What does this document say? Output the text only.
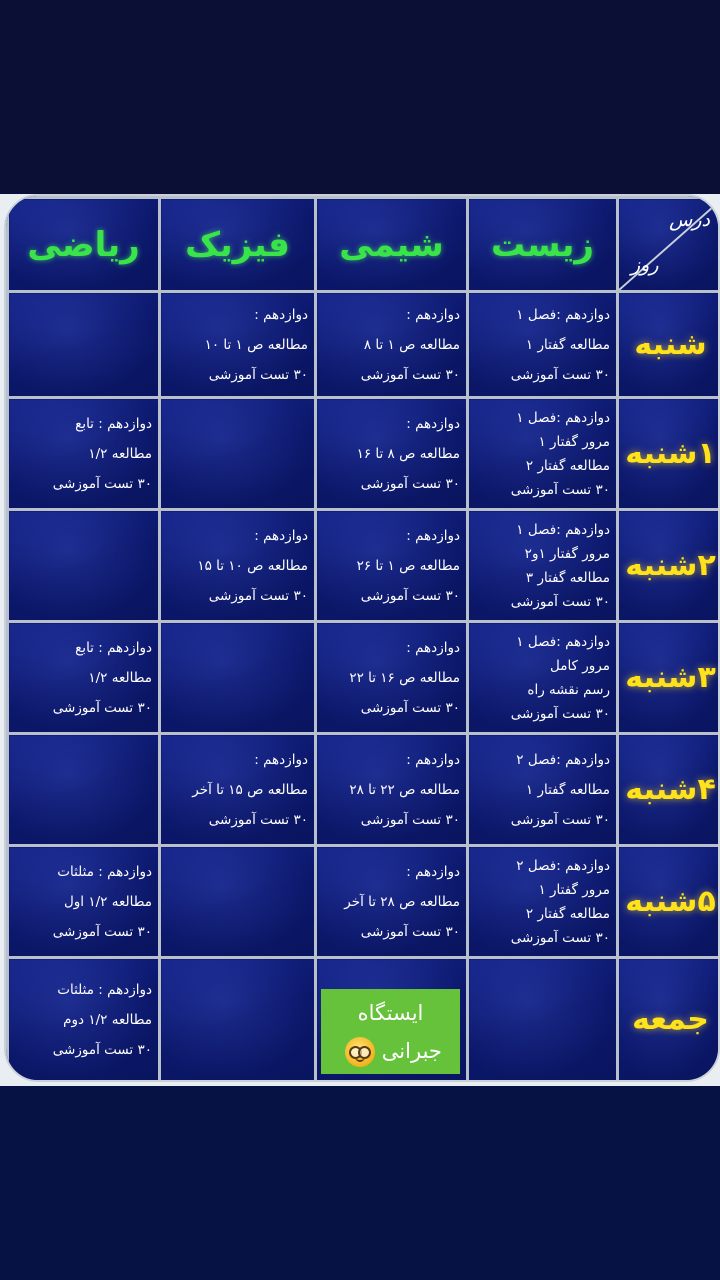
درس
روز	زیست	شیمی	فیزیک	ریاضی
شنبه	دوازدهم :فصل ۱
مطالعه گفتار ۱
۳۰ تست آموزشی	دوازدهم :
مطالعه ص ۱ تا ۸
۳۰ تست آموزشی	دوازدهم :
مطالعه ص ۱ تا ۱۰
۳۰ تست آموزشی	

۱شنبه	دوازدهم :فصل ۱
مرور گفتار ۱
مطالعه گفتار ۲
۳۰ تست آموزشی	دوازدهم :
مطالعه ص ۸ تا ۱۶
۳۰ تست آموزشی		دوازدهم : تابع
مطالعه ۱/۲
۳۰ تست آموزشی

۲شنبه	دوازدهم :فصل ۱
مرور گفتار ۱و۲
مطالعه گفتار ۳
۳۰ تست آموزشی	دوازدهم :
مطالعه ص ۱ تا ۲۶
۳۰ تست آموزشی	دوازدهم :
مطالعه ص ۱۰ تا ۱۵
۳۰ تست آموزشی	

۳شنبه	دوازدهم :فصل ۱
مرور کامل
رسم نقشه راه
۳۰ تست آموزشی	دوازدهم :
مطالعه ص ۱۶ تا ۲۲
۳۰ تست آموزشی		دوازدهم : تابع
مطالعه ۱/۲
۳۰ تست آموزشی

۴شنبه	دوازدهم :فصل ۲
مطالعه گفتار ۱
۳۰ تست آموزشی	دوازدهم :
مطالعه ص ۲۲ تا ۲۸
۳۰ تست آموزشی	دوازدهم :
مطالعه ص ۱۵ تا آخر
۳۰ تست آموزشی	

۵شنبه	دوازدهم :فصل ۲
مرور گفتار ۱
مطالعه گفتار ۲
۳۰ تست آموزشی	دوازدهم :
مطالعه ص ۲۸ تا آخر
۳۰ تست آموزشی		دوازدهم : مثلثات
مطالعه ۱/۲ اول
۳۰ تست آموزشی

جمعه		ایستگاه
جبرانی		دوازدهم : مثلثات
مطالعه ۱/۲ دوم
۳۰ تست آموزشی
